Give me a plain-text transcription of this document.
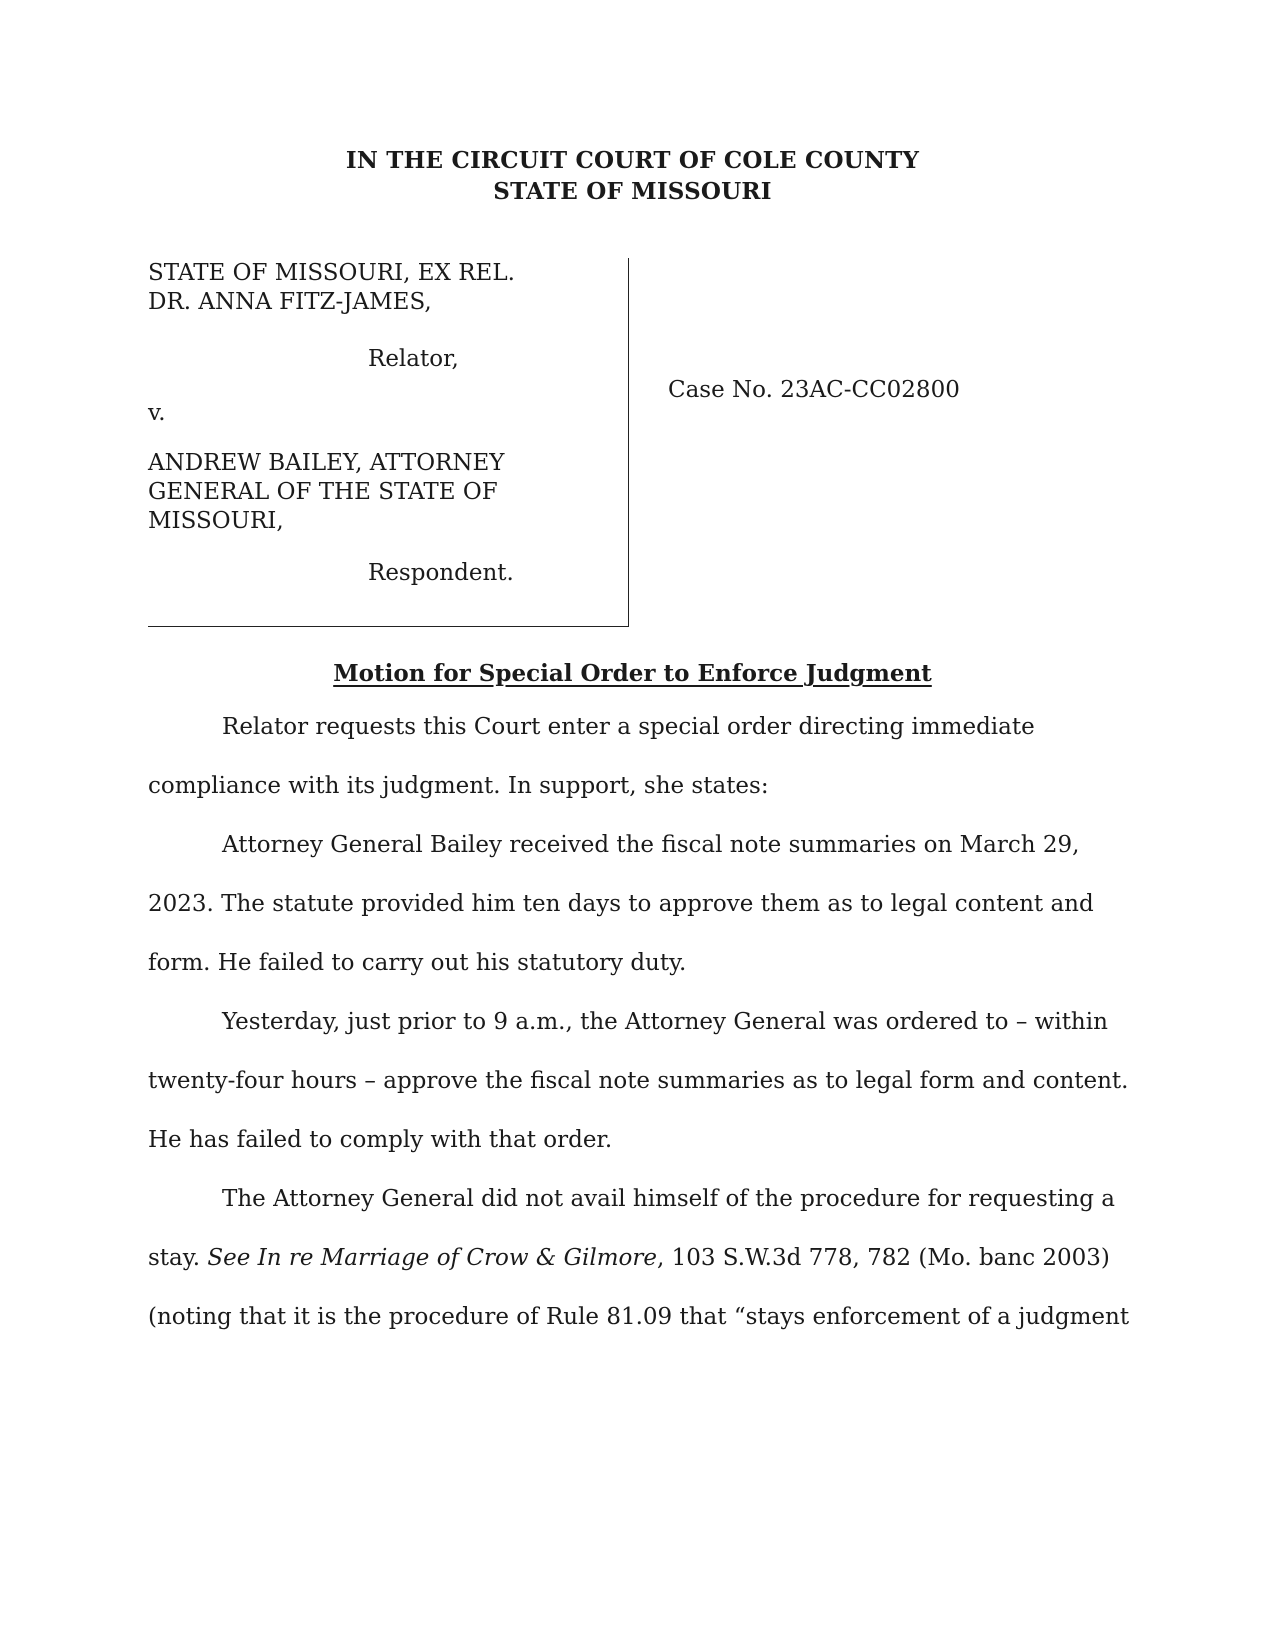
IN THE CIRCUIT COURT OF COLE COUNTY
STATE OF MISSOURI
STATE OF MISSOURI, EX REL.
DR. ANNA FITZ-JAMES,
Relator,
v.
ANDREW BAILEY, ATTORNEY
GENERAL OF THE STATE OF
MISSOURI,
Respondent.
Case No. 23AC-CC02800
Motion for Special Order to Enforce Judgment
Relator requests this Court enter a special order directing immediate
compliance with its judgment. In support, she states:
Attorney General Bailey received the fiscal note summaries on March 29,
2023. The statute provided him ten days to approve them as to legal content and
form. He failed to carry out his statutory duty.
Yesterday, just prior to 9 a.m., the Attorney General was ordered to – within
twenty-four hours – approve the fiscal note summaries as to legal form and content.
He has failed to comply with that order.
The Attorney General did not avail himself of the procedure for requesting a
stay. See In re Marriage of Crow & Gilmore, 103 S.W.3d 778, 782 (Mo. banc 2003)
(noting that it is the procedure of Rule 81.09 that “stays enforcement of a judgment
